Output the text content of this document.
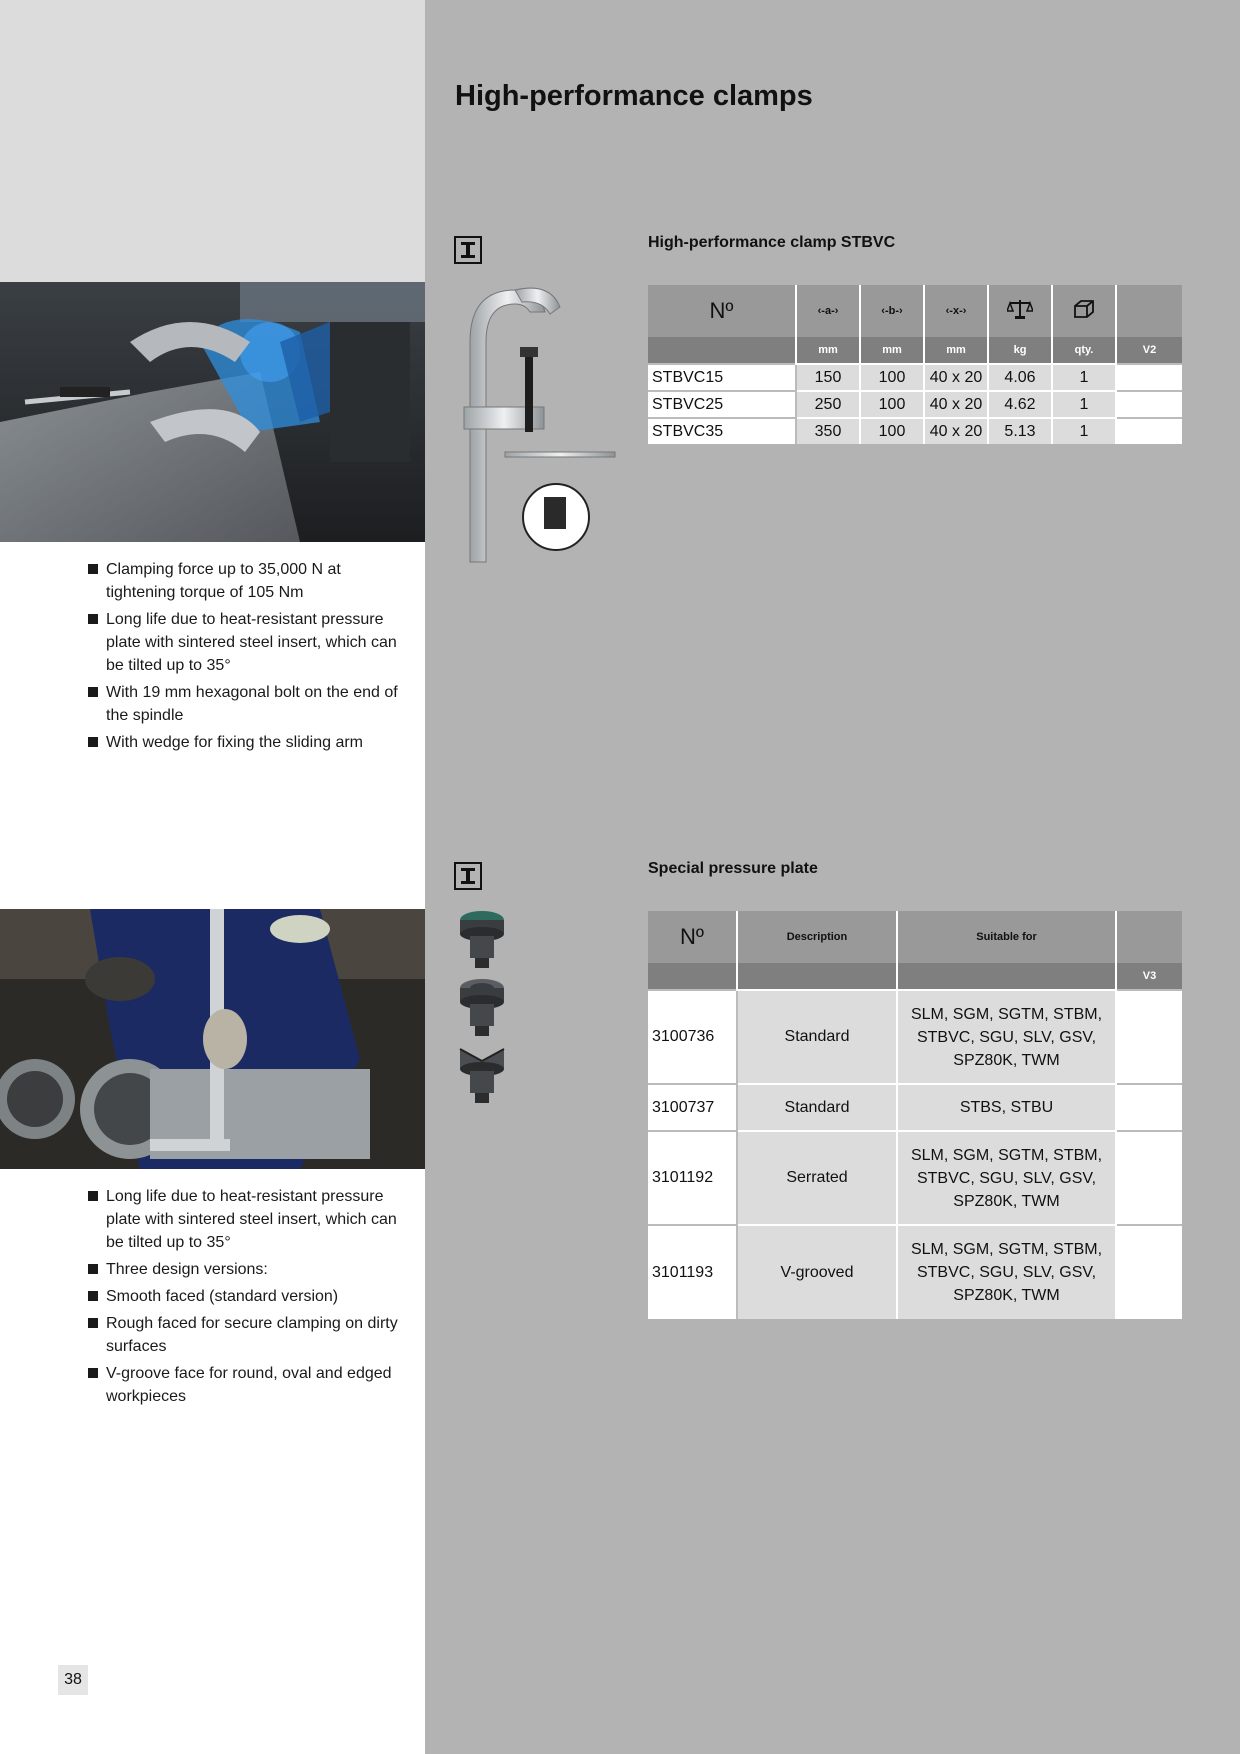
Clamping force up to 35,000 N at tightening torque of 105 Nm
Long life due to heat-resistant pressure plate with sintered steel insert, which can be tilted up to 35°
With 19 mm hexagonal bolt on the end of the spindle
With wedge for fixing the sliding arm
Long life due to heat-resistant pressure plate with sintered steel insert, which can be tilted up to 35°
Three design versions:
Smooth faced (standard version)
Rough faced for secure clamping on dirty surfaces
V-groove face for round, oval and edged workpieces
High-performance clamps
High-performance clamp STBVC
Nº	‹-a-›	‹-b-›	‹-x-›			
	mm	mm	mm	kg	qty.	V2
STBVC15	150	100	40 x 20	4.06	1	
STBVC25	250	100	40 x 20	4.62	1	
STBVC35	350	100	40 x 20	5.13	1	
Special pressure plate
Nº	Description	Suitable for	
			V3
3100736	Standard	SLM, SGM, SGTM, STBM, STBVC, SGU, SLV, GSV, SPZ80K, TWM	
3100737	Standard	STBS, STBU	
3101192	Serrated	SLM, SGM, SGTM, STBM, STBVC, SGU, SLV, GSV, SPZ80K, TWM	
3101193	V-grooved	SLM, SGM, SGTM, STBM, STBVC, SGU, SLV, GSV, SPZ80K, TWM	
38
